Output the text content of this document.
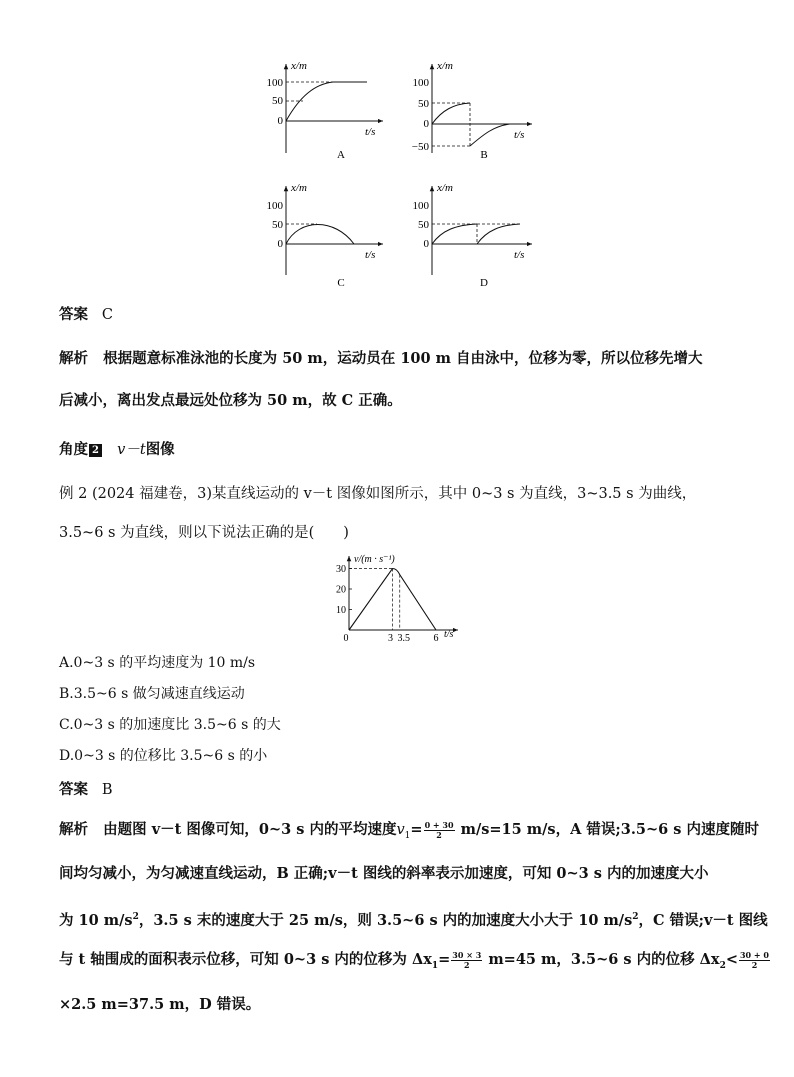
x/m
t/s
100
50
0
A
x/m
t/s
100
50
0
−50
B
x/m
t/s
100
50
0
C
x/m
t/s
100
50
0
D
答案 C
解析 根据题意标准泳池的长度为 50 m，运动员在 100 m 自由泳中，位移为零，所以位移先增大
后减小，离出发点最远处位移为 50 m，故 C 正确。
角度 2 v－t图像
例 2 (2024 福建卷，3)某直线运动的 v－t 图像如图所示，其中 0~3 s 为直线，3~3.5 s 为曲线，
3.5~6 s 为直线，则以下说法正确的是(　　)
v/(m · s⁻¹)
t/s
30
20
10
0	3 3.5 6
A.0~3 s 的平均速度为 10 m/s
B.3.5~6 s 做匀减速直线运动
C.0~3 s 的加速度比 3.5~6 s 的大
D.0~3 s 的位移比 3.5~6 s 的小
答案 B
解析 由题图 v－t 图像可知，0~3 s 内的平均速度$v_1= \frac{0 + 30}{2} m/s=15$ m/s，A 错误;3.5~6 s 内速度随时
间均匀减小，为匀减速直线运动，B 正确;v－t 图线的斜率表示加速度，可知 0~3 s 内的加速度大小
为 10 $m/s^2$，3.5 s 末的速度大于 25 m/s，则 3.5~6 s 内的加速度大小大于 10 $m/s^2$，C 错误;v－t 图线
与 t 轴围成的面积表示位移，可知 0~3 s 内的位移为 $\Delta x_1= \frac{30 \times 3}{2} m=45$ m，3.5~6 s 内的位移 $\Delta x_2< \frac{30 + 0}{2}$
×2.5 m=37.5 m，D 错误。
